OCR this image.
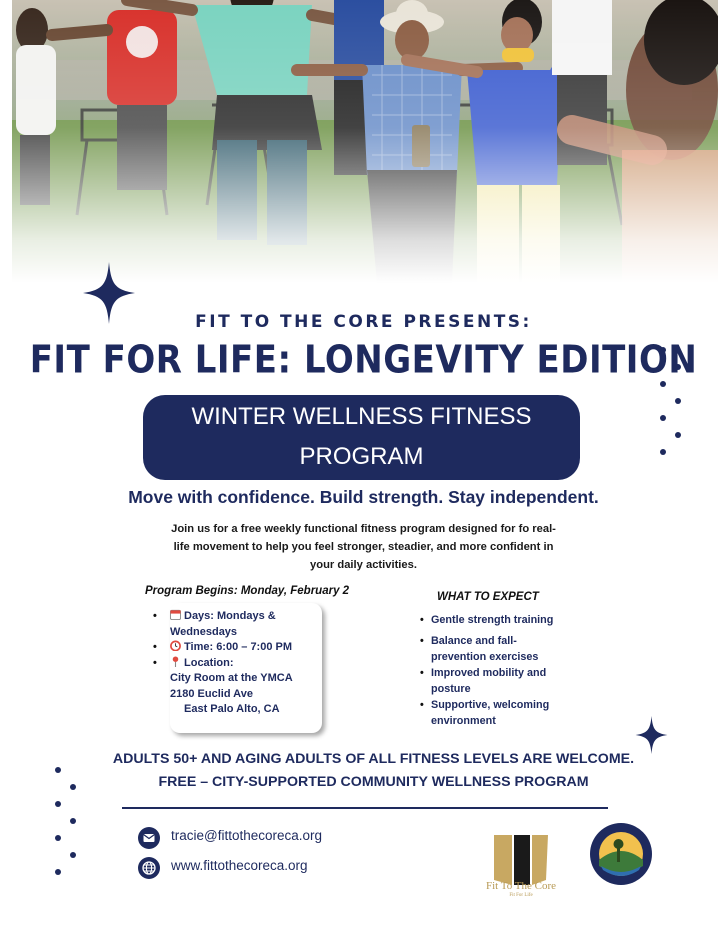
FIT TO THE CORE PRESENTS:
FIT FOR LIFE: LONGEVITY EDITION
WINTER WELLNESS FITNESS
PROGRAM
Move with confidence. Build strength. Stay independent.
Join us for a free weekly functional fitness program designed for fo real-
life movement to help you feel stronger, steadier, and more confident in
your daily activities.
Program Begins: Monday, February 2
• Days: Mondays &
Wednesdays
• Time: 6:00 – 7:00 PM
• Location:
City Room at the YMCA
2180 Euclid Ave
East Palo Alto, CA
WHAT TO EXPECT
• Gentle strength training
• Balance and fall-
prevention exercises
• Improved mobility and
posture
• Supportive, welcoming
environment
ADULTS 50+ AND AGING ADULTS OF ALL FITNESS LEVELS ARE WELCOME.
FREE – CITY-SUPPORTED COMMUNITY WELLNESS PROGRAM
tracie@fittothecoreca.org
www.fittothecoreca.org
Fit To The Core
Fit For Life
